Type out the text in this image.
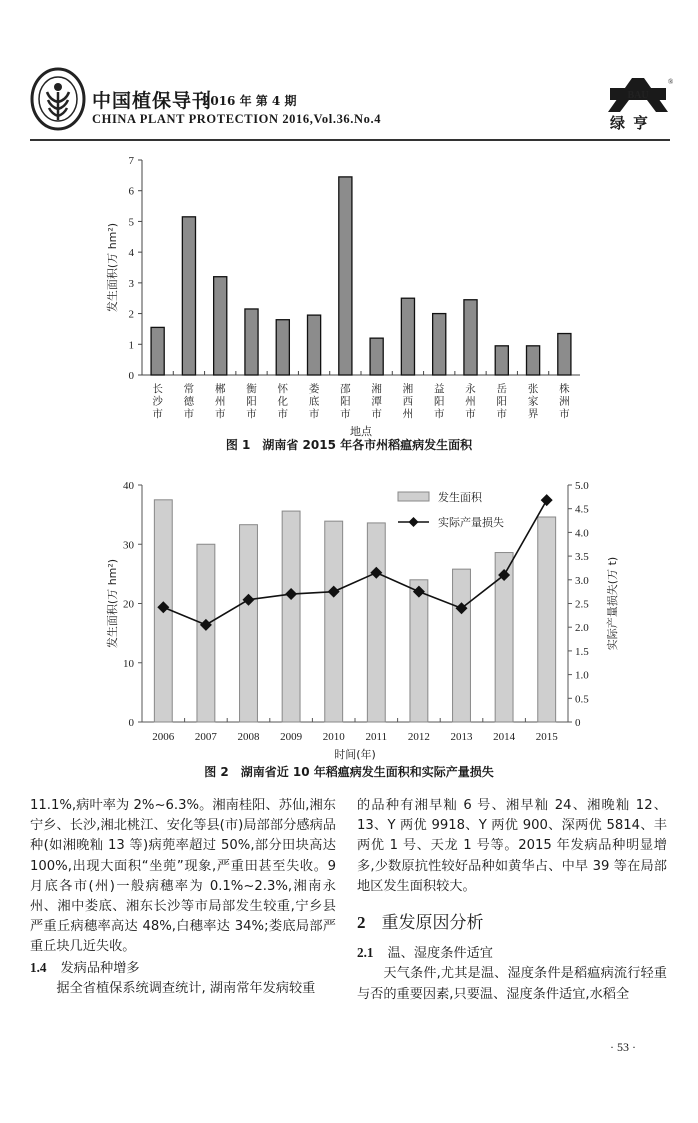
中国植保导刊
2016 年 第 4 期
CHINA PLANT PROTECTION 2016,Vol.36.No.4
BAU
®
绿亨
0
1
2
3
4
5
6
7
长沙市
常德市
郴州市
衡阳市
怀化市
娄底市
邵阳市
湘潭市
湘西州
益阳市
永州市
岳阳市
张家界
株洲市
地点
发生面积(万 hm²)
图 1　湖南省 2015 年各市州稻瘟病发生面积
0
10
20
30
40
0
0.5
1.0
1.5
2.0
2.5
3.0
3.5
4.0
4.5
5.0
2006 2007 2008 2009 2010 2011 2012 2013 2014 2015
发生面积
实际产量损失
时间(年)
发生面积(万 hm²)	实际产量损失(万 t)
图 2　湖南省近 10 年稻瘟病发生面积和实际产量损失

11.1%,病叶率为 2%~6.3%。湘南桂阳、苏仙,湘东宁乡、长沙,湘北桃江、安化等县(市)局部部分感病品种(如湘晚籼 13 等)病蔸率超过 50%,部分田块高达 100%,出现大面积“坐蔸”现象,严重田甚至失收。9 月底各市(州)一般病穗率为 0.1%~2.3%,湘南永州、湘中娄底、湘东长沙等市局部发生较重,宁乡县严重丘病穗率高达 48%,白穗率达 34%;娄底局部严重丘块几近失收。

1.4 发病品种增多

据全省植保系统调查统计, 湖南常年发病较重

的品种有湘早籼 6 号、湘早籼 24、湘晚籼 12、13、Y 两优 9918、Y 两优 900、深两优 5814、丰两优 1 号、天龙 1 号等。2015 年发病品种明显增多,少数原抗性较好品种如黄华占、中早 39 等在局部地区发生面积较大。

2 重发原因分析

2.1 温、湿度条件适宜

天气条件,尤其是温、湿度条件是稻瘟病流行轻重与否的重要因素,只要温、湿度条件适宜,水稻全

· 53 ·
